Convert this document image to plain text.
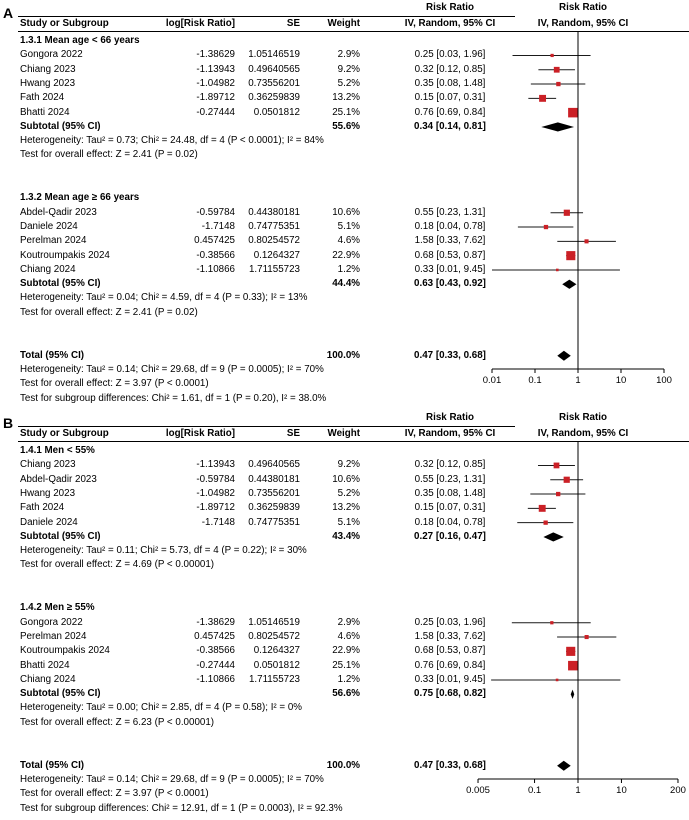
A	Risk Ratio	Risk Ratio
IV, Random, 95% CI
Study or Subgroup	log[Risk Ratio]	SE	Weight	IV, Random, 95% CI
0.01	0.1	1	10	100
1.3.1 Mean age < 66 years
Gongora 2022	-1.38629	1.05146519	2.9%	0.25 [0.03, 1.96]
Chiang 2023	-1.13943	0.49640565	9.2%	0.32 [0.12, 0.85]
Hwang 2023	-1.04982	0.73556201	5.2%	0.35 [0.08, 1.48]
Fath 2024	-1.89712	0.36259839	13.2%	0.15 [0.07, 0.31]
Bhatti 2024	-0.27444	0.0501812	25.1%	0.76 [0.69, 0.84]
Subtotal (95% CI)	55.6%	0.34 [0.14, 0.81]
Heterogeneity: Tau² = 0.73; Chi² = 24.48, df = 4 (P < 0.0001); I² = 84%
Test for overall effect: Z = 2.41 (P = 0.02)
1.3.2 Mean age ≥ 66 years
Abdel-Qadir 2023	-0.59784	0.44380181	10.6%	0.55 [0.23, 1.31]
Daniele 2024	-1.7148	0.74775351	5.1%	0.18 [0.04, 0.78]
Perelman 2024	0.457425	0.80254572	4.6%	1.58 [0.33, 7.62]
Koutroumpakis 2024	-0.38566	0.1264327	22.9%	0.68 [0.53, 0.87]
Chiang 2024	-1.10866	1.71155723	1.2%	0.33 [0.01, 9.45]
Subtotal (95% CI)	44.4%	0.63 [0.43, 0.92]
Heterogeneity: Tau² = 0.04; Chi² = 4.59, df = 4 (P = 0.33); I² = 13%
Test for overall effect: Z = 2.41 (P = 0.02)
Total (95% CI)	100.0%	0.47 [0.33, 0.68]
Heterogeneity: Tau² = 0.14; Chi² = 29.68, df = 9 (P = 0.0005); I² = 70%
Test for overall effect: Z = 3.97 (P < 0.0001)
Test for subgroup differences: Chi² = 1.61, df = 1 (P = 0.20), I² = 38.0%
B	Risk Ratio	Risk Ratio
IV, Random, 95% CI
Study or Subgroup	log[Risk Ratio]	SE	Weight	IV, Random, 95% CI
0.005	0.1	1	10	200
1.4.1 Men < 55%
Chiang 2023	-1.13943	0.49640565	9.2%	0.32 [0.12, 0.85]
Abdel-Qadir 2023	-0.59784	0.44380181	10.6%	0.55 [0.23, 1.31]
Hwang 2023	-1.04982	0.73556201	5.2%	0.35 [0.08, 1.48]
Fath 2024	-1.89712	0.36259839	13.2%	0.15 [0.07, 0.31]
Daniele 2024	-1.7148	0.74775351	5.1%	0.18 [0.04, 0.78]
Subtotal (95% CI)	43.4%	0.27 [0.16, 0.47]
Heterogeneity: Tau² = 0.11; Chi² = 5.73, df = 4 (P = 0.22); I² = 30%
Test for overall effect: Z = 4.69 (P < 0.00001)
1.4.2 Men ≥ 55%
Gongora 2022	-1.38629	1.05146519	2.9%	0.25 [0.03, 1.96]
Perelman 2024	0.457425	0.80254572	4.6%	1.58 [0.33, 7.62]
Koutroumpakis 2024	-0.38566	0.1264327	22.9%	0.68 [0.53, 0.87]
Bhatti 2024	-0.27444	0.0501812	25.1%	0.76 [0.69, 0.84]
Chiang 2024	-1.10866	1.71155723	1.2%	0.33 [0.01, 9.45]
Subtotal (95% CI)	56.6%	0.75 [0.68, 0.82]
Heterogeneity: Tau² = 0.00; Chi² = 2.85, df = 4 (P = 0.58); I² = 0%
Test for overall effect: Z = 6.23 (P < 0.00001)
Total (95% CI)	100.0%	0.47 [0.33, 0.68]
Heterogeneity: Tau² = 0.14; Chi² = 29.68, df = 9 (P = 0.0005); I² = 70%
Test for overall effect: Z = 3.97 (P < 0.0001)
Test for subgroup differences: Chi² = 12.91, df = 1 (P = 0.0003), I² = 92.3%
